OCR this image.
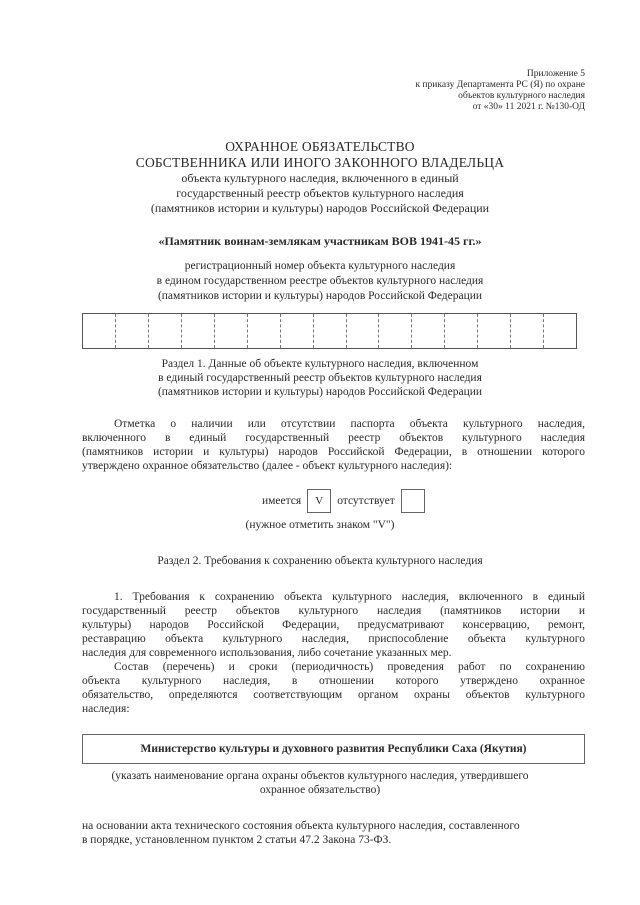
Приложение 5
к приказу Департамента РС (Я) по охране
объектов культурного наследия
от «30» 11 2021 г. №130-ОД
ОХРАННОЕ ОБЯЗАТЕЛЬСТВО
СОБСТВЕННИКА ИЛИ ИНОГО ЗАКОННОГО ВЛАДЕЛЬЦА
объекта культурного наследия, включенного в единый
государственный реестр объектов культурного наследия
(памятников истории и культуры) народов Российской Федерации
«Памятник воинам-землякам участникам ВОВ 1941-45 гг.»
регистрационный номер объекта культурного наследия
в едином государственном реестре объектов культурного наследия
(памятников истории и культуры) народов Российской Федерации
Раздел 1. Данные об объекте культурного наследия, включенном
в единый государственный реестр объектов культурного наследия
(памятников истории и культуры) народов Российской Федерации
Отметка о наличии или отсутствии паспорта объекта культурного наследия,
включенного в единый государственный реестр объектов культурного наследия
(памятников истории и культуры) народов Российской Федерации, в отношении которого
утверждено охранное обязательство (далее - объект культурного наследия):
имеется	V	отсутствует
(нужное отметить знаком "V")
Раздел 2. Требования к сохранению объекта культурного наследия
1. Требования к сохранению объекта культурного наследия, включенного в единый
государственный реестр объектов культурного наследия (памятников истории и
культуры) народов Российской Федерации, предусматривают консервацию, ремонт,
реставрацию объекта культурного наследия, приспособление объекта культурного
наследия для современного использования, либо сочетание указанных мер.
Состав (перечень) и сроки (периодичность) проведения работ по сохранению
объекта культурного наследия, в отношении которого утверждено охранное
обязательство, определяются соответствующим органом охраны объектов культурного
наследия:
Министерство культуры и духовного развития Республики Саха (Якутия)
(указать наименование органа охраны объектов культурного наследия, утвердившего
охранное обязательство)
на основании акта технического состояния объекта культурного наследия, составленного
в порядке, установленном пунктом 2 статьи 47.2 Закона 73-ФЗ.
